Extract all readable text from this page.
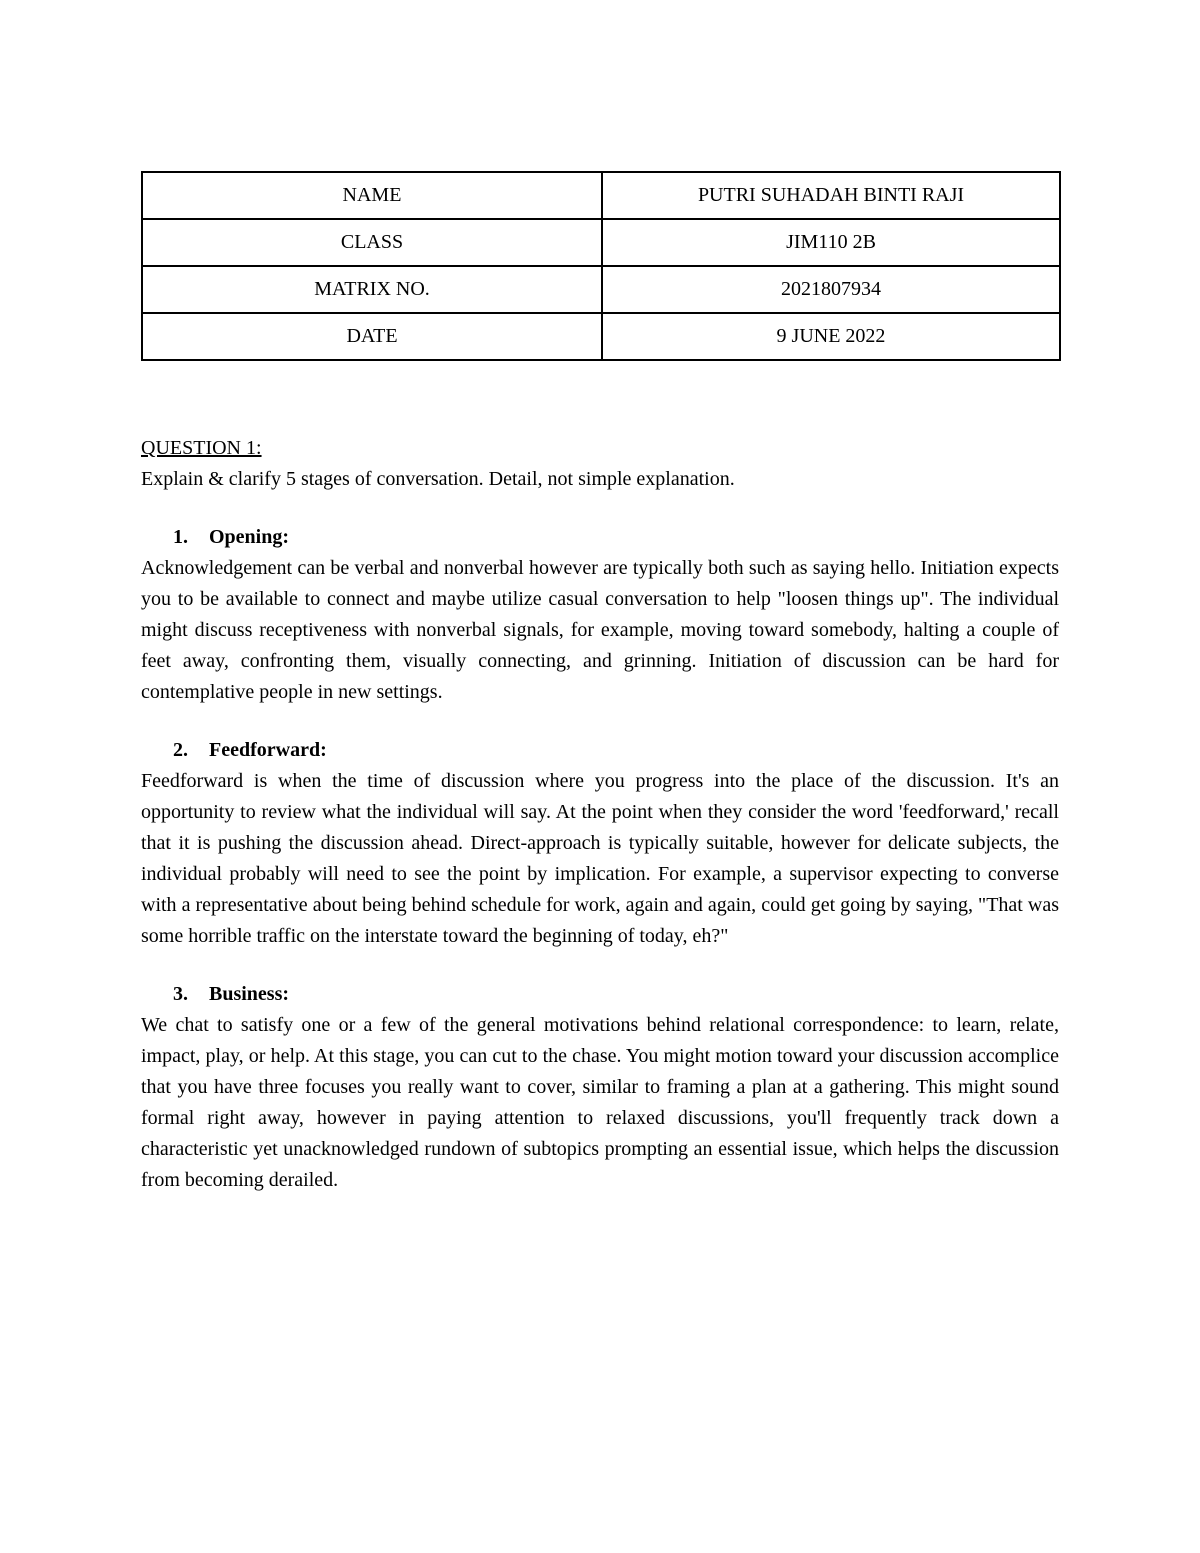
NAME	PUTRI SUHADAH BINTI RAJI
CLASS	JIM110 2B
MATRIX NO.	2021807934
DATE	9 JUNE 2022

QUESTION 1:

Explain & clarify 5 stages of conversation. Detail, not simple explanation.

1. Opening:

Acknowledgement can be verbal and nonverbal however are typically both such as saying hello. Initiation expects you to be available to connect and maybe utilize casual conversation to help "loosen things up". The individual might discuss receptiveness with nonverbal signals, for example, moving toward somebody, halting a couple of feet away, confronting them, visually connecting, and grinning. Initiation of discussion can be hard for contemplative people in new settings.

2. Feedforward:

Feedforward is when the time of discussion where you progress into the place of the discussion. It's an opportunity to review what the individual will say. At the point when they consider the word 'feedforward,' recall that it is pushing the discussion ahead. Direct-approach is typically suitable, however for delicate subjects, the individual probably will need to see the point by implication. For example, a supervisor expecting to converse with a representative about being behind schedule for work, again and again, could get going by saying, "That was some horrible traffic on the interstate toward the beginning of today, eh?"

3. Business:

We chat to satisfy one or a few of the general motivations behind relational correspondence: to learn, relate, impact, play, or help. At this stage, you can cut to the chase. You might motion toward your discussion accomplice that you have three focuses you really want to cover, similar to framing a plan at a gathering. This might sound formal right away, however in paying attention to relaxed discussions, you'll frequently track down a characteristic yet unacknowledged rundown of subtopics prompting an essential issue, which helps the discussion from becoming derailed.
